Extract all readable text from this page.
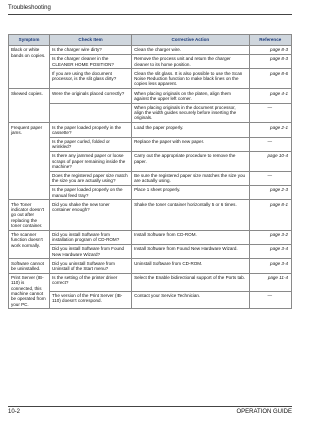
Troubleshooting
Symptom	Check Item	Corrective Action	Reference
Black or white bands on copies.	Is the charger wire dirty?	Clean the charger wire.	page 8-3
	Is the charger cleaner in the CLEANER HOME POSITION?	Remove the process unit and return the charger cleaner to its home position.	page 8-3
	If you are using the document processor, is the slit glass dirty?	Clean the slit glass. It is also possible to use the Scan Noise Reduction function to make black lines on the copies less apparent.	page 8-6
Skewed copies.	Were the originals placed correctly?	When placing originals on the platen, align them against the upper left corner.	page 4-1
		When placing originals in the document processor, align the width guides securely before inserting the originals.	—
Frequent paper jams.	Is the paper loaded properly in the cassette?	Load the paper properly.	page 2-1
	Is the paper curled, folded or wrinkled?	Replace the paper with new paper.	—
	Is there any jammed paper or loose scraps of paper remaining inside the machine?	Carry out the appropriate procedure to remove the paper.	page 10-4
	Does the registered paper size match the size you are actually using?	Be sure the registered paper size matches the size you are actually using.	—
	Is the paper loaded properly on the manual feed tray?	Place 1 sheet properly.	page 2-3
The Toner indicator doesn't go out after replacing the toner container.	Did you shake the new toner container enough?	Shake the toner container horizontally 5 or 6 times.	page 8-1
The scanner function doesn't work normally.	Did you install Software from installation program of CD-ROM?	Install Software from CD-ROM.	page 3-2
	Did you install Software from Found New Hardware Wizard?	Install Software from Found New Hardware Wizard.	page 3-4
Software cannot be uninstalled.	Did you uninstall Software from Uninstall of the Start menu?	Uninstall Software from CD-ROM.	page 3-4
Print Server (IB-110) is connected, this machine cannot be operated from your PC.	Is the setting of the printer driver correct?	Select the Enable bidirectional support of the Ports tab.	page 11-4
	The version of the Print Server (IB-110) doesn't correspond.	Contact your Service Technician.	—
10-2	OPERATION GUIDE
